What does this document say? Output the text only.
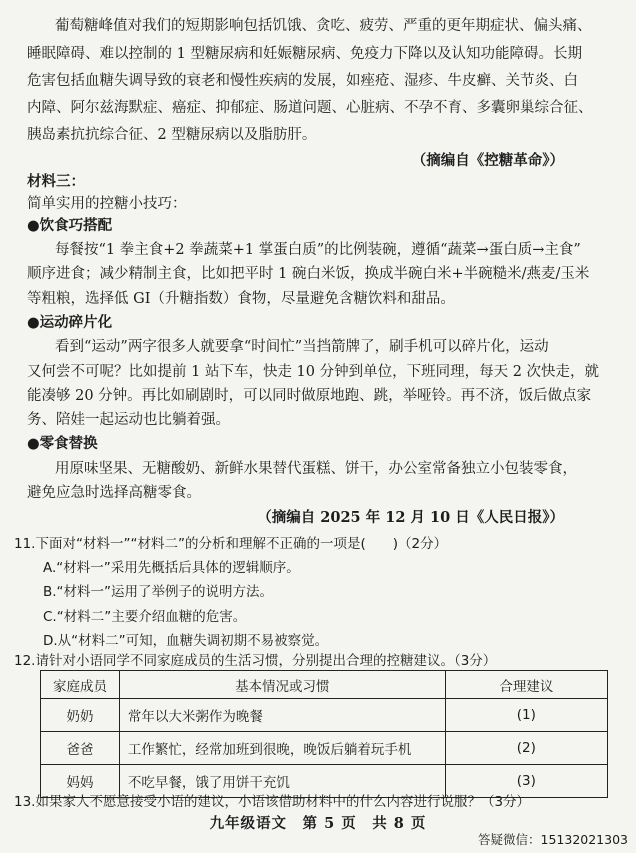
葡萄糖峰值对我们的短期影响包括饥饿、贪吃、疲劳、严重的更年期症状、偏头痛、
睡眠障碍、难以控制的 1 型糖尿病和妊娠糖尿病、免疫力下降以及认知功能障碍。长期
危害包括血糖失调导致的衰老和慢性疾病的发展，如痤疮、湿疹、牛皮癣、关节炎、白
内障、阿尔兹海默症、癌症、抑郁症、肠道问题、心脏病、不孕不育、多囊卵巢综合征、
胰岛素抗抗综合征、2 型糖尿病以及脂肪肝。
（摘编自《控糖革命》）
材料三：
简单实用的控糖小技巧：
●饮食巧搭配
每餐按“1 拳主食+2 拳蔬菜+1 掌蛋白质”的比例装碗，遵循“蔬菜→蛋白质→主食”
顺序进食；减少精制主食，比如把平时 1 碗白米饭，换成半碗白米+半碗糙米/燕麦/玉米
等粗粮，选择低 GI（升糖指数）食物，尽量避免含糖饮料和甜品。
●运动碎片化
看到“运动”两字很多人就要拿“时间忙”当挡箭牌了，刷手机可以碎片化，运动
又何尝不可呢？比如提前 1 站下车，快走 10 分钟到单位，下班同理，每天 2 次快走，就
能凑够 20 分钟。再比如刷剧时，可以同时做原地跑、跳，举哑铃。再不济，饭后做点家
务、陪娃一起运动也比躺着强。
●零食替换
用原味坚果、无糖酸奶、新鲜水果替代蛋糕、饼干，办公室常备独立小包装零食，
避免应急时选择高糖零食。
（摘编自 2025 年 12 月 10 日《人民日报》）
11.下面对“材料一”“材料二”的分析和理解不正确的一项是(　　)（2分）
A.“材料一”采用先概括后具体的逻辑顺序。
B.“材料一”运用了举例子的说明方法。
C.“材料二”主要介绍血糖的危害。
D.从“材料二”可知，血糖失调初期不易被察觉。
12.请针对小语同学不同家庭成员的生活习惯，分别提出合理的控糖建议。（3分）
家庭成员	基本情况或习惯	合理建议
奶奶	常年以大米粥作为晚餐	(1)
爸爸	工作繁忙，经常加班到很晚，晚饭后躺着玩手机	(2)
妈妈	不吃早餐，饿了用饼干充饥	(3)
13.如果家人不愿意接受小语的建议，小语该借助材料中的什么内容进行说服？（3分）
九年级语文　第 5 页　共 8 页
答疑微信：15132021303
